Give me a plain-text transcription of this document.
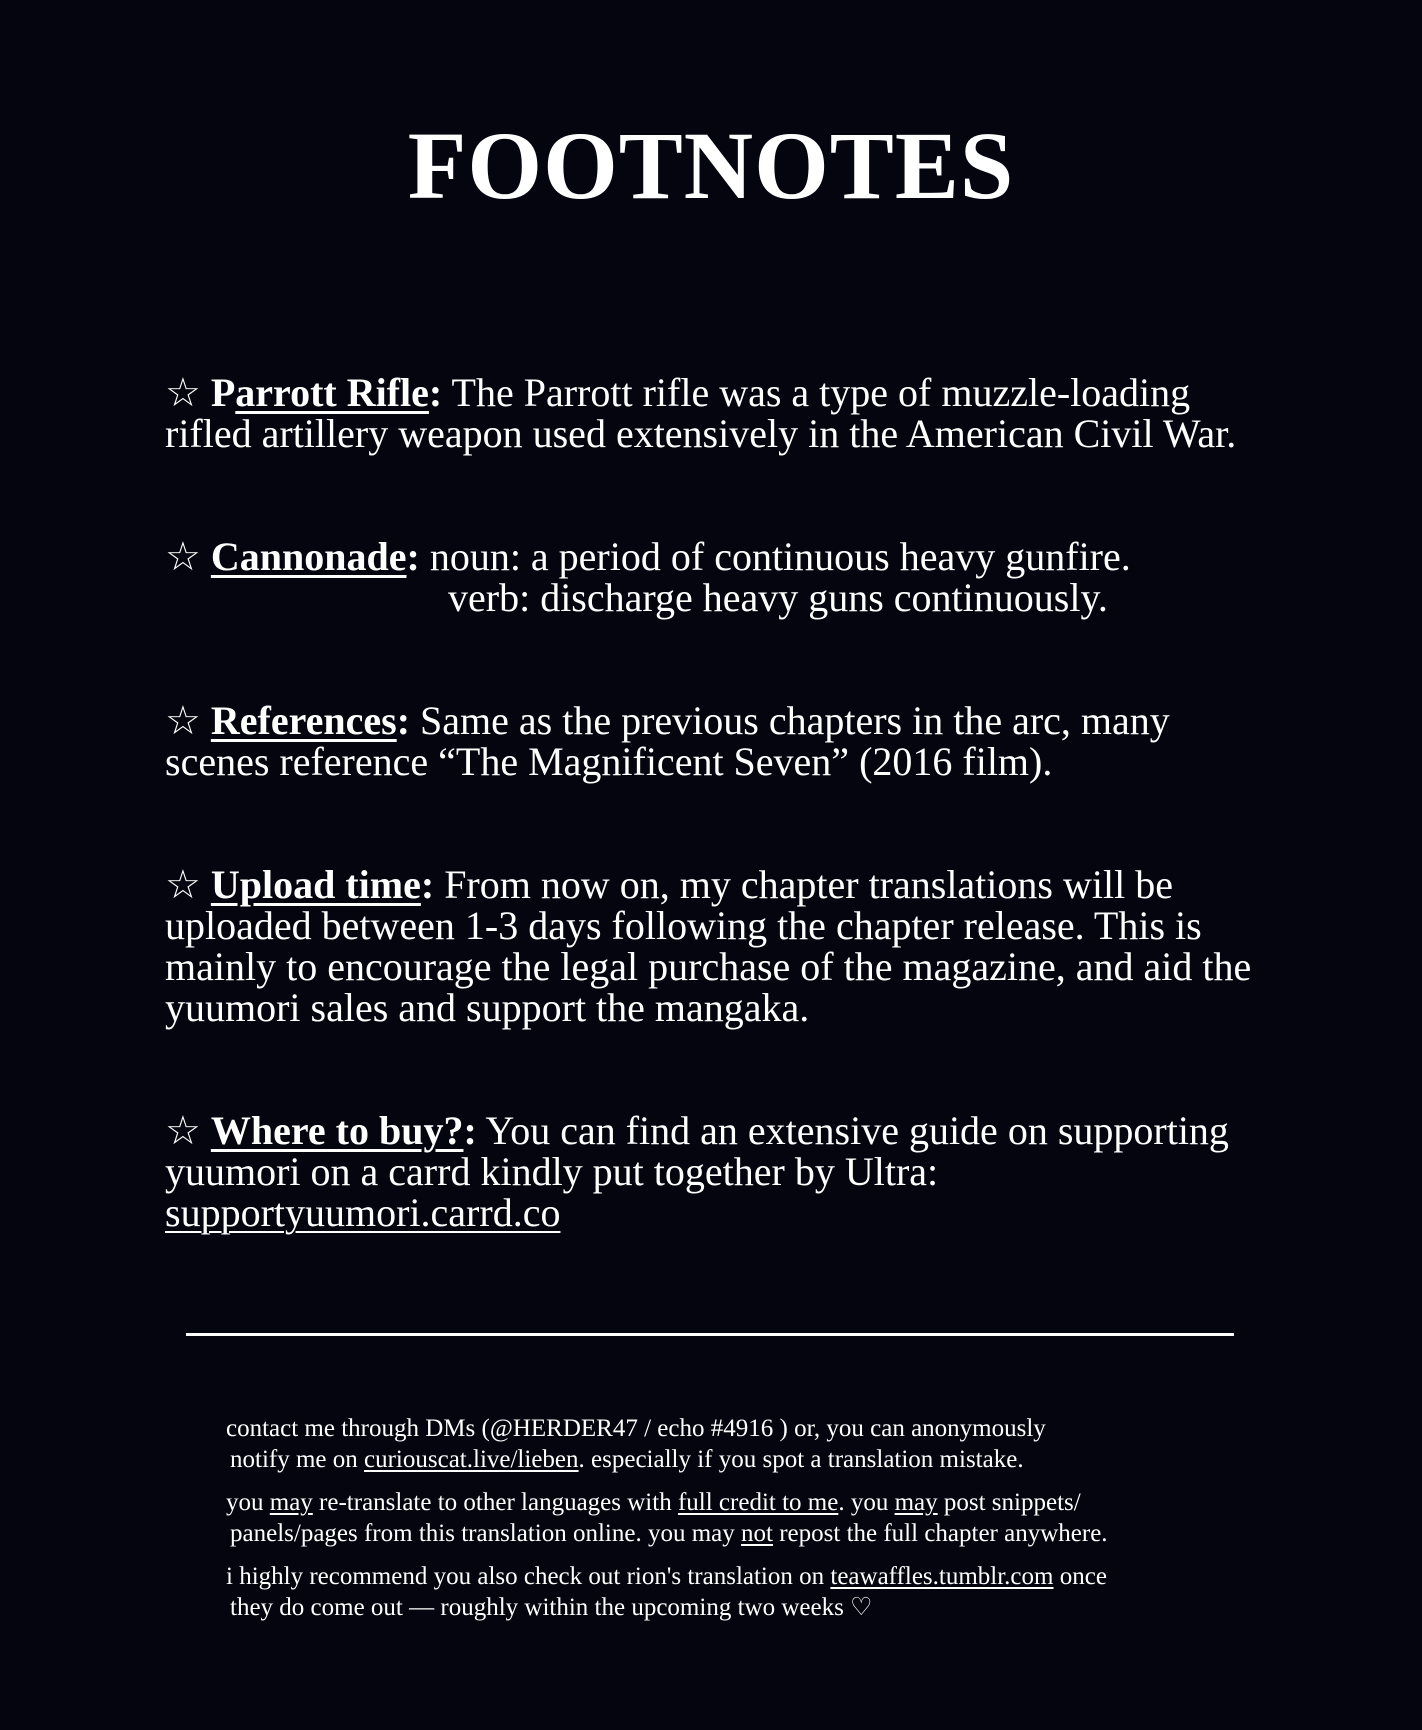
FOOTNOTES
☆ Parrott Rifle: The Parrott rifle was a type of muzzle-loading rifled artillery weapon used extensively in the American Civil War.
☆ Cannonade: noun: a period of continuous heavy gunfire.
verb: discharge heavy guns continuously.
☆ References: Same as the previous chapters in the arc, many scenes reference “The Magnificent Seven” (2016 film).
☆ Upload time: From now on, my chapter translations will be uploaded between 1-3 days following the chapter release. This is mainly to encourage the legal purchase of the magazine, and aid the yuumori sales and support the mangaka.
☆ Where to buy?: You can find an extensive guide on supporting yuumori on a carrd kindly put together by Ultra: supportyuumori.carrd.co

contact me through DMs (@HERDER47 / echo #4916 ) or, you can anonymously
notify me on curiouscat.live/lieben. especially if you spot a translation mistake.

you may re-translate to other languages with full credit to me. you may post snippets/
panels/pages from this translation online. you may not repost the full chapter anywhere.

i highly recommend you also check out rion's translation on teawaffles.tumblr.com once
they do come out — roughly within the upcoming two weeks ♡
